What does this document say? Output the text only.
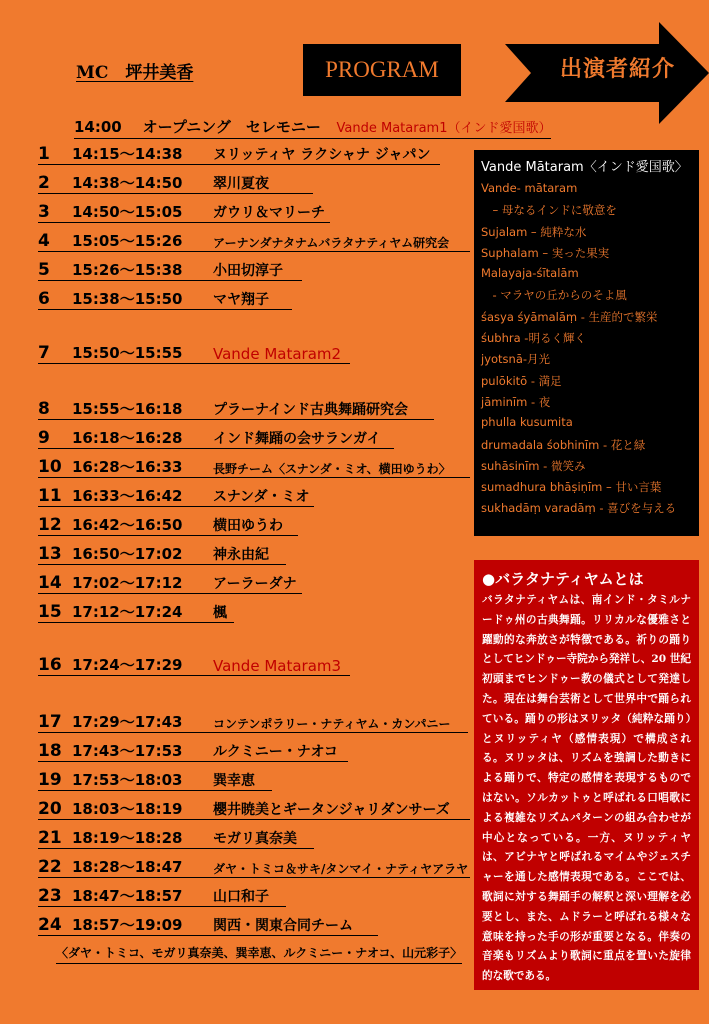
MC　坪井美香	PROGRAM	出演者紹介
14:00 オープニング　セレモニー Vande Mataram1（インド愛国歌）
1	14:15～14:38	ヌリッティヤ ラクシャナ ジャパン
2	14:38～14:50	翠川夏夜
3	14:50～15:05	ガウリ＆マリーチ
4	15:05～15:26	アーナンダナタナムバラタナティヤム研究会
5	15:26～15:38	小田切淳子
6	15:38～15:50	マヤ翔子
7	15:50～15:55	Vande Mataram2
8	15:55～16:18	プラーナインド古典舞踊研究会
9	16:18～16:28	インド舞踊の会サランガイ
10 16:28～16:33	長野チーム〈スナンダ・ミオ、横田ゆうわ〉
11 16:33～16:42	スナンダ・ミオ
12 16:42～16:50	横田ゆうわ
13 16:50～17:02	神永由紀
14 17:02～17:12	アーラーダナ
15 17:12～17:24	楓
16 17:24～17:29	Vande Mataram3
17 17:29～17:43	コンテンポラリー・ナティヤム・カンパニー
18 17:43～17:53	ルクミニー・ナオコ
19 17:53～18:03	巽幸恵
20 18:03～18:19	櫻井暁美とギータンジャリダンサーズ
21 18:19～18:28	モガリ真奈美
22 18:28～18:47	ダヤ・トミコ＆サキ/タンマイ・ナティヤアラヤ
23 18:47～18:57	山口和子
24 18:57～19:09	関西・関東合同チーム
〈ダヤ・トミコ、モガリ真奈美、巽幸恵、ルクミニー・ナオコ、山元彩子〉
Vande Mātaram〈インド愛国歌〉
Vande- mātaram
　– 母なるインドに敬意を
Sujalam – 純粋な水
Suphalam – 実った果実
Malayaja-śītalām
　- マラヤの丘からのそよ風
śasya śyāmalāṃ - 生産的で繁栄
śubhra -明るく輝く
jyotsnā-月光
pulōkitō - 満足
jāminīm - 夜
phulla kusumita
drumadala śobhinīm - 花と緑
suhāsinīm - 微笑み
sumadhura bhāṣiṇīm – 甘い言葉
sukhadāṃ varadāṃ - 喜びを与える
●バラタナティヤムとは
バラタナティヤムは、南インド・タミルナードゥ州の古典舞踊。リリカルな優雅さと躍動的な奔放さが特徴である。祈りの踊りとしてヒンドゥー寺院から発祥し、20 世紀初頭までヒンドゥー教の儀式として発達した。現在は舞台芸術として世界中で踊られている。踊りの形はヌリッタ（純粋な踊り）とヌリッティヤ（感情表現）で構成される。ヌリッタは、リズムを強調した動きによる踊りで、特定の感情を表現するものではない。ソルカットゥと呼ばれる口唱歌による複雑なリズムパターンの組み合わせが中心となっている。一方、ヌリッティヤは、アビナヤと呼ばれるマイムやジェスチャーを通した感情表現である。ここでは、歌詞に対する舞踊手の解釈と深い理解を必要とし、また、ムドラーと呼ばれる様々な意味を持った手の形が重要となる。伴奏の音楽もリズムより歌詞に重点を置いた旋律的な歌である。
